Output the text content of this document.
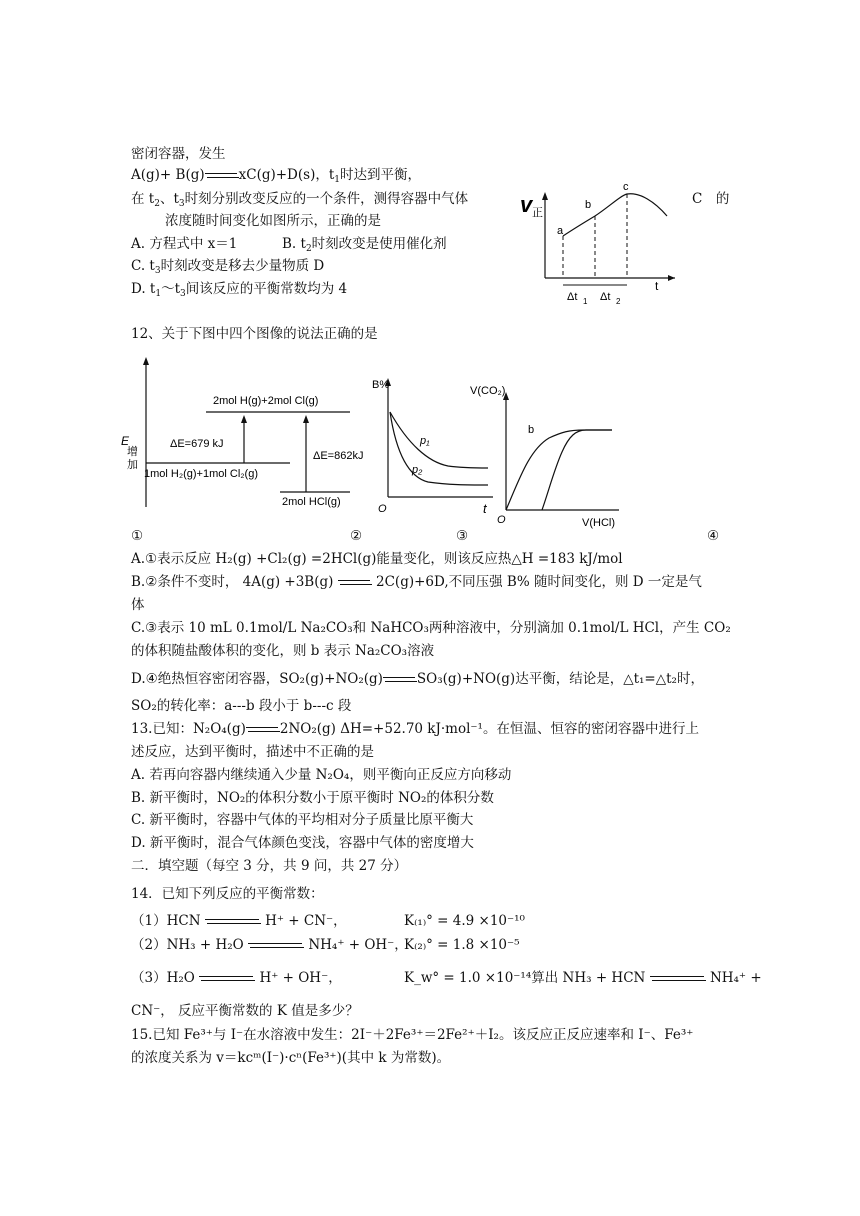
密闭容器，发生
A(g)+ B(g)	xC(g)+D(s)，$t_1$时达到平衡，
在 $t_2$、$t_3$时刻分别改变反应的一个条件，测得容器中气体	C　的
浓度随时间变化如图所示，正确的是
A. 方程式中 x＝1	B. $t_2$时刻改变是使用催化剂
C. $t_3$时刻改变是移去少量物质 D
D. $t_1\sim t_3$间该反应的平衡常数均为 4
v 正
a
b
c
t
Δt 1 Δt 2
12、关于下图中四个图像的说法正确的是
2mol H(g)+2mol Cl(g)
ΔE=679 kJ
ΔE=862kJ
1mol H₂(g)+1mol Cl₂(g)
2mol HCl(g)
E
增
加
B%
p₁
p₂
O	t
V(CO₂)
b
O	V(HCl)
①	②	③	④
A.①表示反应 H₂(g) +Cl₂(g) =2HCl(g)能量变化，则该反应热△H =183 kJ/mol
B.②条件不变时， 4A(g) +3B(g)	2C(g)+6D,不同压强 B% 随时间变化，则 D 一定是气
体
C.③表示 10 mL 0.1mol/L Na₂CO₃和 NaHCO₃两种溶液中，分别滴加 0.1mol/L HCl，产生 CO₂
的体积随盐酸体积的变化，则 b 表示 Na₂CO₃溶液
D.④绝热恒容密闭容器，SO₂(g)+NO₂(g)	SO₃(g)+NO(g)达平衡，结论是，△t₁=△t₂时，
SO₂的转化率：a---b 段小于 b---c 段
13.已知：N₂O₄(g)	2NO₂(g) ΔH=+52.70 kJ·mol⁻¹。在恒温、恒容的密闭容器中进行上
述反应，达到平衡时，描述中不正确的是
A. 若再向容器内继续通入少量 N₂O₄，则平衡向正反应方向移动
B. 新平衡时，NO₂的体积分数小于原平衡时 NO₂的体积分数
C. 新平衡时，容器中气体的平均相对分子质量比原平衡大
D. 新平衡时，混合气体颜色变浅，容器中气体的密度增大
二．填空题（每空 3 分，共 9 问，共 27 分）
14．已知下列反应的平衡常数：
（1）HCN	H⁺ + CN⁻，	K₍₁₎° = 4.9 ×10⁻¹⁰
（2）NH₃ + H₂O	NH₄⁺ + OH⁻，
K₍₂₎° = 1.8 ×10⁻⁵
（3）H₂O	H⁺ + OH⁻，	K_w° = 1.0 ×10⁻¹⁴算出 NH₃ + HCN	NH₄⁺ +
CN⁻， 反应平衡常数的 K 值是多少？
15.已知 Fe³⁺与 I⁻在水溶液中发生：2I⁻＋2Fe³⁺＝2Fe²⁺＋I₂。该反应正反应速率和 I⁻、Fe³⁺
的浓度关系为 v＝kcᵐ(I⁻)·cⁿ(Fe³⁺)(其中 k 为常数)。
